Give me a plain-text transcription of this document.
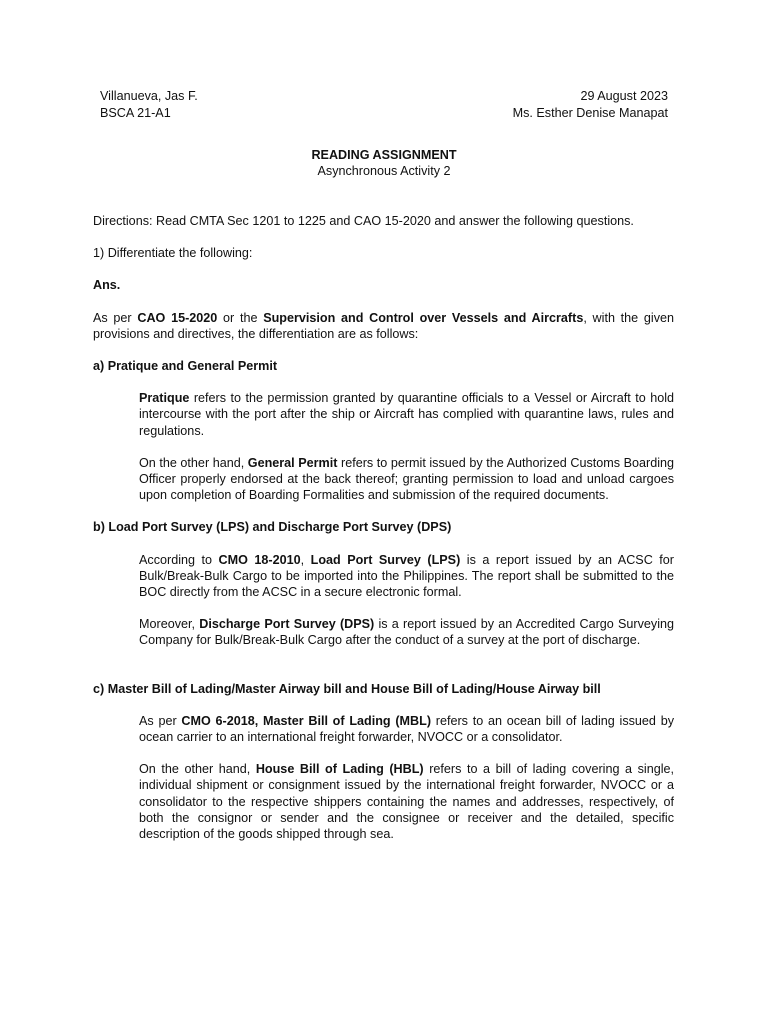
Villanueva, Jas F.	29 August 2023
BSCA 21-A1	Ms. Esther Denise Manapat
READING ASSIGNMENT
Asynchronous Activity 2

Directions: Read CMTA Sec 1201 to 1225 and CAO 15-2020 and answer the following questions.

1) Differentiate the following:

Ans.

As per CAO 15-2020 or the Supervision and Control over Vessels and Aircrafts, with the given provisions and directives, the differentiation are as follows:

a) Pratique and General Permit

Pratique refers to the permission granted by quarantine officials to a Vessel or Aircraft to hold intercourse with the port after the ship or Aircraft has complied with quarantine laws, rules and regulations.

On the other hand, General Permit refers to permit issued by the Authorized Customs Boarding Officer properly endorsed at the back thereof; granting permission to load and unload cargoes upon completion of Boarding Formalities and submission of the required documents.

b) Load Port Survey (LPS) and Discharge Port Survey (DPS)

According to CMO 18-2010, Load Port Survey (LPS) is a report issued by an ACSC for Bulk/Break-Bulk Cargo to be imported into the Philippines. The report shall be submitted to the BOC directly from the ACSC in a secure electronic formal.

Moreover, Discharge Port Survey (DPS) is a report issued by an Accredited Cargo Surveying Company for Bulk/Break-Bulk Cargo after the conduct of a survey at the port of discharge.

c) Master Bill of Lading/Master Airway bill and House Bill of Lading/House Airway bill

As per CMO 6-2018, Master Bill of Lading (MBL) refers to an ocean bill of lading issued by ocean carrier to an international freight forwarder, NVOCC or a consolidator.

On the other hand, House Bill of Lading (HBL) refers to a bill of lading covering a single, individual shipment or consignment issued by the international freight forwarder, NVOCC or a consolidator to the respective shippers containing the names and addresses, respectively, of both the consignor or sender and the consignee or receiver and the detailed, specific description of the goods shipped through sea.
